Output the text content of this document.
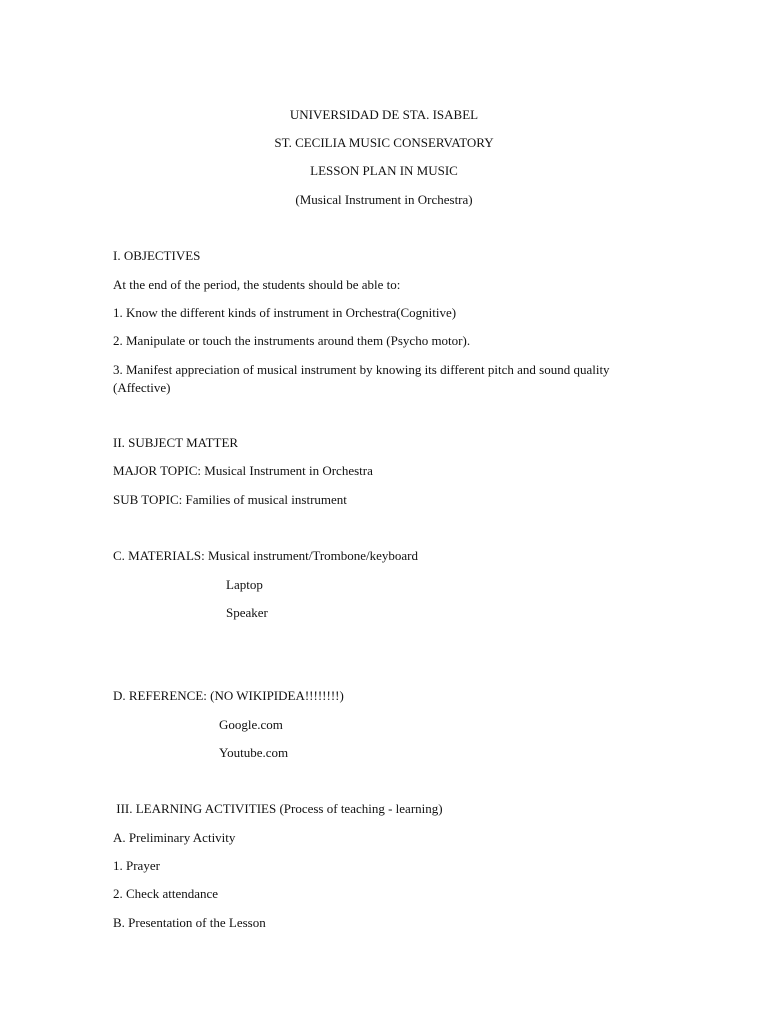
UNIVERSIDAD DE STA. ISABEL
ST. CECILIA MUSIC CONSERVATORY
LESSON PLAN IN MUSIC
(Musical Instrument in Orchestra)
I. OBJECTIVES
At the end of the period, the students should be able to:
1. Know the different kinds of instrument in Orchestra(Cognitive)
2. Manipulate or touch the instruments around them (Psycho motor).
3. Manifest appreciation of musical instrument by knowing its different pitch and sound quality (Affective)
II. SUBJECT MATTER
MAJOR TOPIC: Musical Instrument in Orchestra
SUB TOPIC: Families of musical instrument
C. MATERIALS: Musical instrument/Trombone/keyboard
Laptop
Speaker
D. REFERENCE: (NO WIKIPIDEA!!!!!!!!)
Google.com
Youtube.com
III. LEARNING ACTIVITIES (Process of teaching - learning)
A. Preliminary Activity
1. Prayer
2. Check attendance
B. Presentation of the Lesson
